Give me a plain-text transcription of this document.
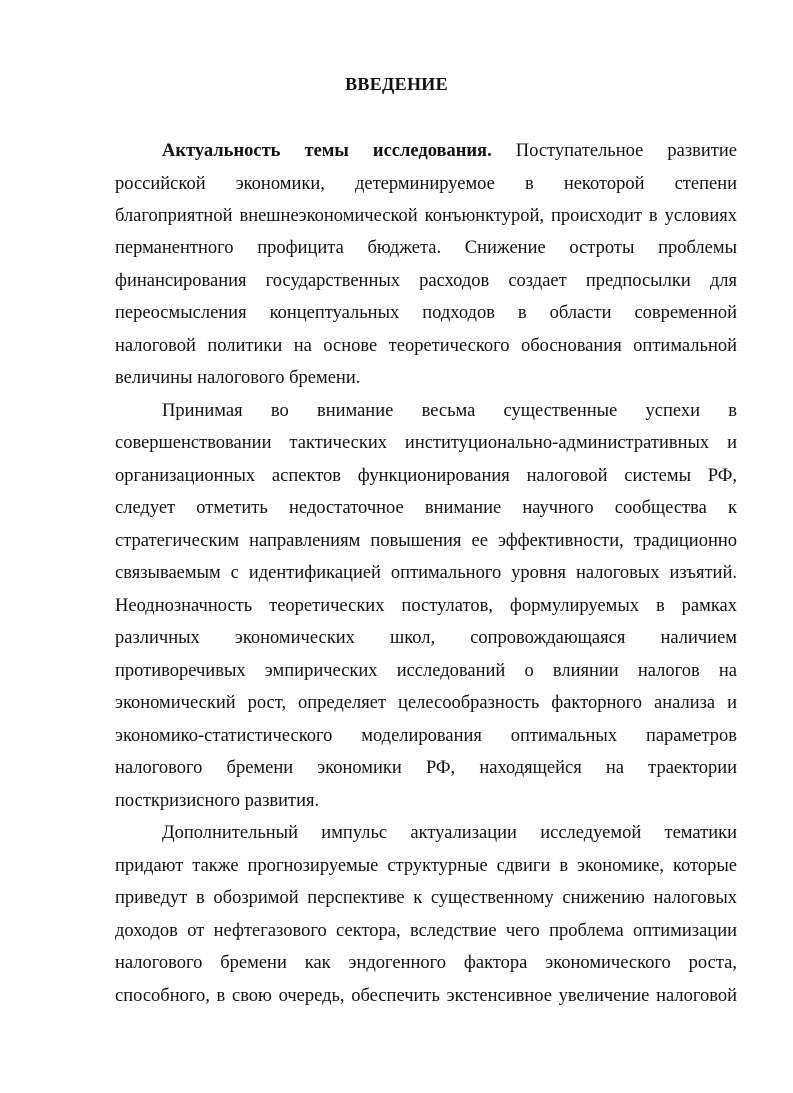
ВВЕДЕНИЕ
Актуальность темы исследования. Поступательное развитие
российской экономики, детерминируемое в некоторой степени
благоприятной внешнеэкономической конъюнктурой, происходит в условиях
перманентного профицита бюджета. Снижение остроты проблемы
финансирования государственных расходов создает предпосылки для
переосмысления концептуальных подходов в области современной
налоговой политики на основе теоретического обоснования оптимальной
величины налогового бремени.
Принимая во внимание весьма существенные успехи в
совершенствовании тактических институционально-административных и
организационных аспектов функционирования налоговой системы РФ,
следует отметить недостаточное внимание научного сообщества к
стратегическим направлениям повышения ее эффективности, традиционно
связываемым с идентификацией оптимального уровня налоговых изъятий.
Неоднозначность теоретических постулатов, формулируемых в рамках
различных экономических школ, сопровождающаяся наличием
противоречивых эмпирических исследований о влиянии налогов на
экономический рост, определяет целесообразность факторного анализа и
экономико-статистического моделирования оптимальных параметров
налогового бремени экономики РФ, находящейся на траектории
посткризисного развития.
Дополнительный импульс актуализации исследуемой тематики
придают также прогнозируемые структурные сдвиги в экономике, которые
приведут в обозримой перспективе к существенному снижению налоговых
доходов от нефтегазового сектора, вследствие чего проблема оптимизации
налогового бремени как эндогенного фактора экономического роста,
способного, в свою очередь, обеспечить экстенсивное увеличение налоговой
